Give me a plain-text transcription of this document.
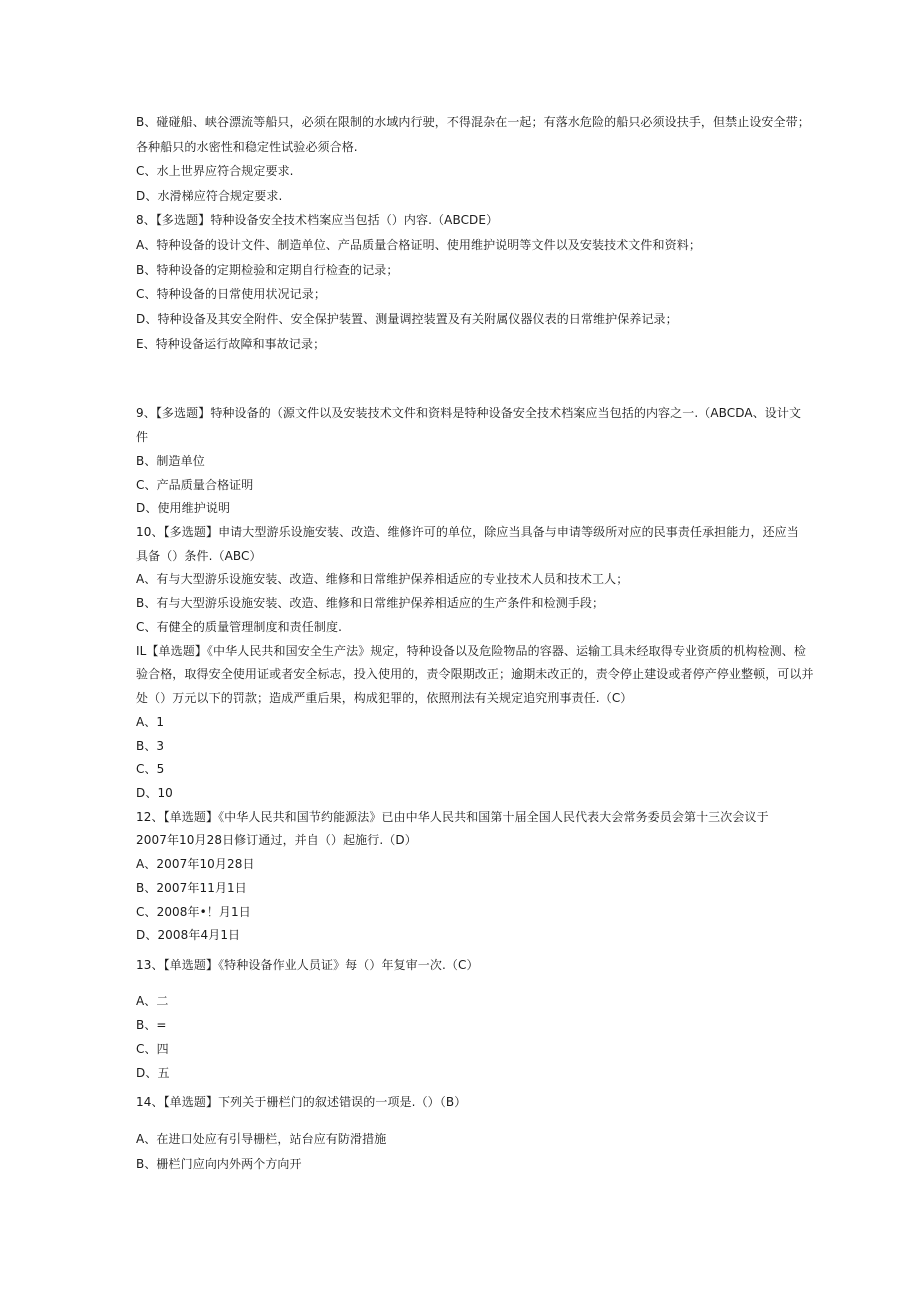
B、碰碰船、峡谷漂流等船只，必须在限制的水域内行驶，不得混杂在一起；有落水危险的船只必须设扶手，但禁止设安全带；
各种船只的水密性和稳定性试验必须合格.
C、水上世界应符合规定要求.
D、水滑梯应符合规定要求.
8、【多选题】特种设备安全技术档案应当包括（）内容.（ABCDE）
A、特种设备的设计文件、制造单位、产品质量合格证明、使用维护说明等文件以及安装技术文件和资料；
B、特种设备的定期检验和定期自行检查的记录；
C、特种设备的日常使用状况记录；
D、特种设备及其安全附件、安全保护装置、测量调控装置及有关附属仪器仪表的日常维护保养记录；
E、特种设备运行故障和事故记录；
9、【多选题】特种设备的（源文件以及安装技术文件和资料是特种设备安全技术档案应当包括的内容之一.（ABCDA、设计文
件
B、制造单位
C、产品质量合格证明
D、使用维护说明
10、【多选题】申请大型游乐设施安装、改造、维修许可的单位，除应当具备与申请等级所对应的民事责任承担能力，还应当
具备（）条件.（ABC）
A、有与大型游乐设施安装、改造、维修和日常维护保养相适应的专业技术人员和技术工人；
B、有与大型游乐设施安装、改造、维修和日常维护保养相适应的生产条件和检测手段；
C、有健全的质量管理制度和责任制度.
IL【单选题】《中华人民共和国安全生产法》规定，特种设备以及危险物品的容器、运输工具未经取得专业资质的机构检测、检
验合格，取得安全使用证或者安全标志，投入使用的，责令限期改正；逾期未改正的，责令停止建设或者停产停业整顿，可以并
处（）万元以下的罚款；造成严重后果，构成犯罪的，依照刑法有关规定追究刑事责任.（C）
A、1
B、3
C、5
D、10
12、【单选题】《中华人民共和国节约能源法》已由中华人民共和国第十届全国人民代表大会常务委员会第十三次会议于
2007年10月28日修订通过，并自（）起施行.（D）
A、2007年10月28日
B、2007年11月1日
C、2008年•！月1日
D、2008年4月1日
13、【单选题】《特种设备作业人员证》每（）年复审一次.（C）
A、二
B、=
C、四
D、五
14、【单选题】下列关于栅栏门的叙述错误的一项是.（）（B）
A、在进口处应有引导栅栏，站台应有防滑措施
B、栅栏门应向内外两个方向开
